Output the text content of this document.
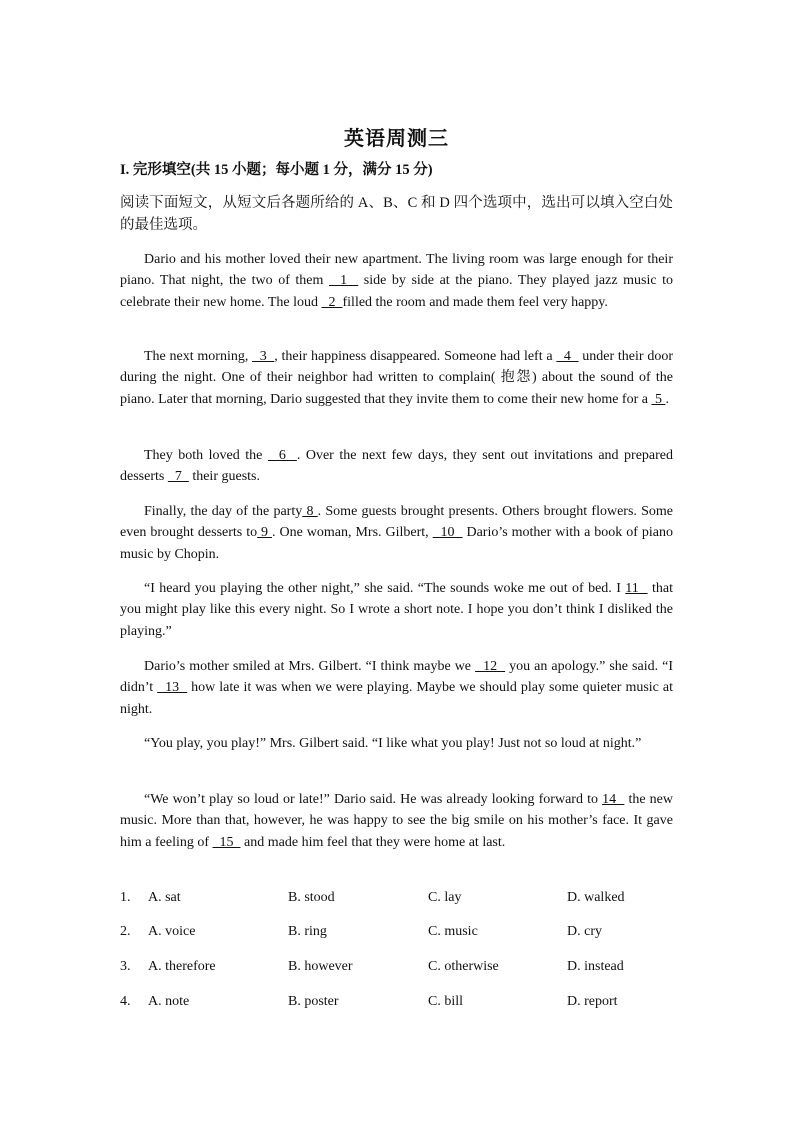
英语周测三
I. 完形填空(共 15 小题；每小题 1 分，满分 15 分)
阅读下面短文，从短文后各题所给的 A、B、C 和 D 四个选项中，选出可以填入空白处的最佳选项。
Dario and his mother loved their new apartment. The living room was large enough for their piano. That night, the two of them   1   side by side at the piano. They played jazz music to celebrate their new home. The loud   2  filled the room and made them feel very happy.
The next morning,   3  , their happiness disappeared. Someone had left a   4   under their door during the night. One of their neighbor had written to complain( 抱怨) about the sound of the piano. Later that morning, Dario suggested that they invite them to come their new home for a  5 .
They both loved the   6  . Over the next few days, they sent out invitations and prepared desserts   7   their guests.
Finally, the day of the party 8 . Some guests brought presents. Others brought flowers. Some even brought desserts to 9 . One woman, Mrs. Gilbert,   10   Dario’s mother with a book of piano music by Chopin.
“I heard you playing the other night,” she said. “The sounds woke me out of bed. I 11   that you might play like this every night. So I wrote a short note. I hope you don’t think I disliked the playing.”
Dario’s mother smiled at Mrs. Gilbert. “I think maybe we   12   you an apology.” she said. “I didn’t   13   how late it was when we were playing. Maybe we should play some quieter music at night.
“You play, you play!” Mrs. Gilbert said. “I like what you play! Just not so loud at night.”
“We won’t play so loud or late!” Dario said. He was already looking forward to 14   the new music. More than that, however, he was happy to see the big smile on his mother’s face. It gave him a feeling of   15   and made him feel that they were home at last.
1. A. sat	B. stood	C. lay	D. walked
2. A. voice	B. ring	C. music	D. cry
3. A. therefore	B. however	C. otherwise	D. instead
4. A. note	B. poster	C. bill	D. report
